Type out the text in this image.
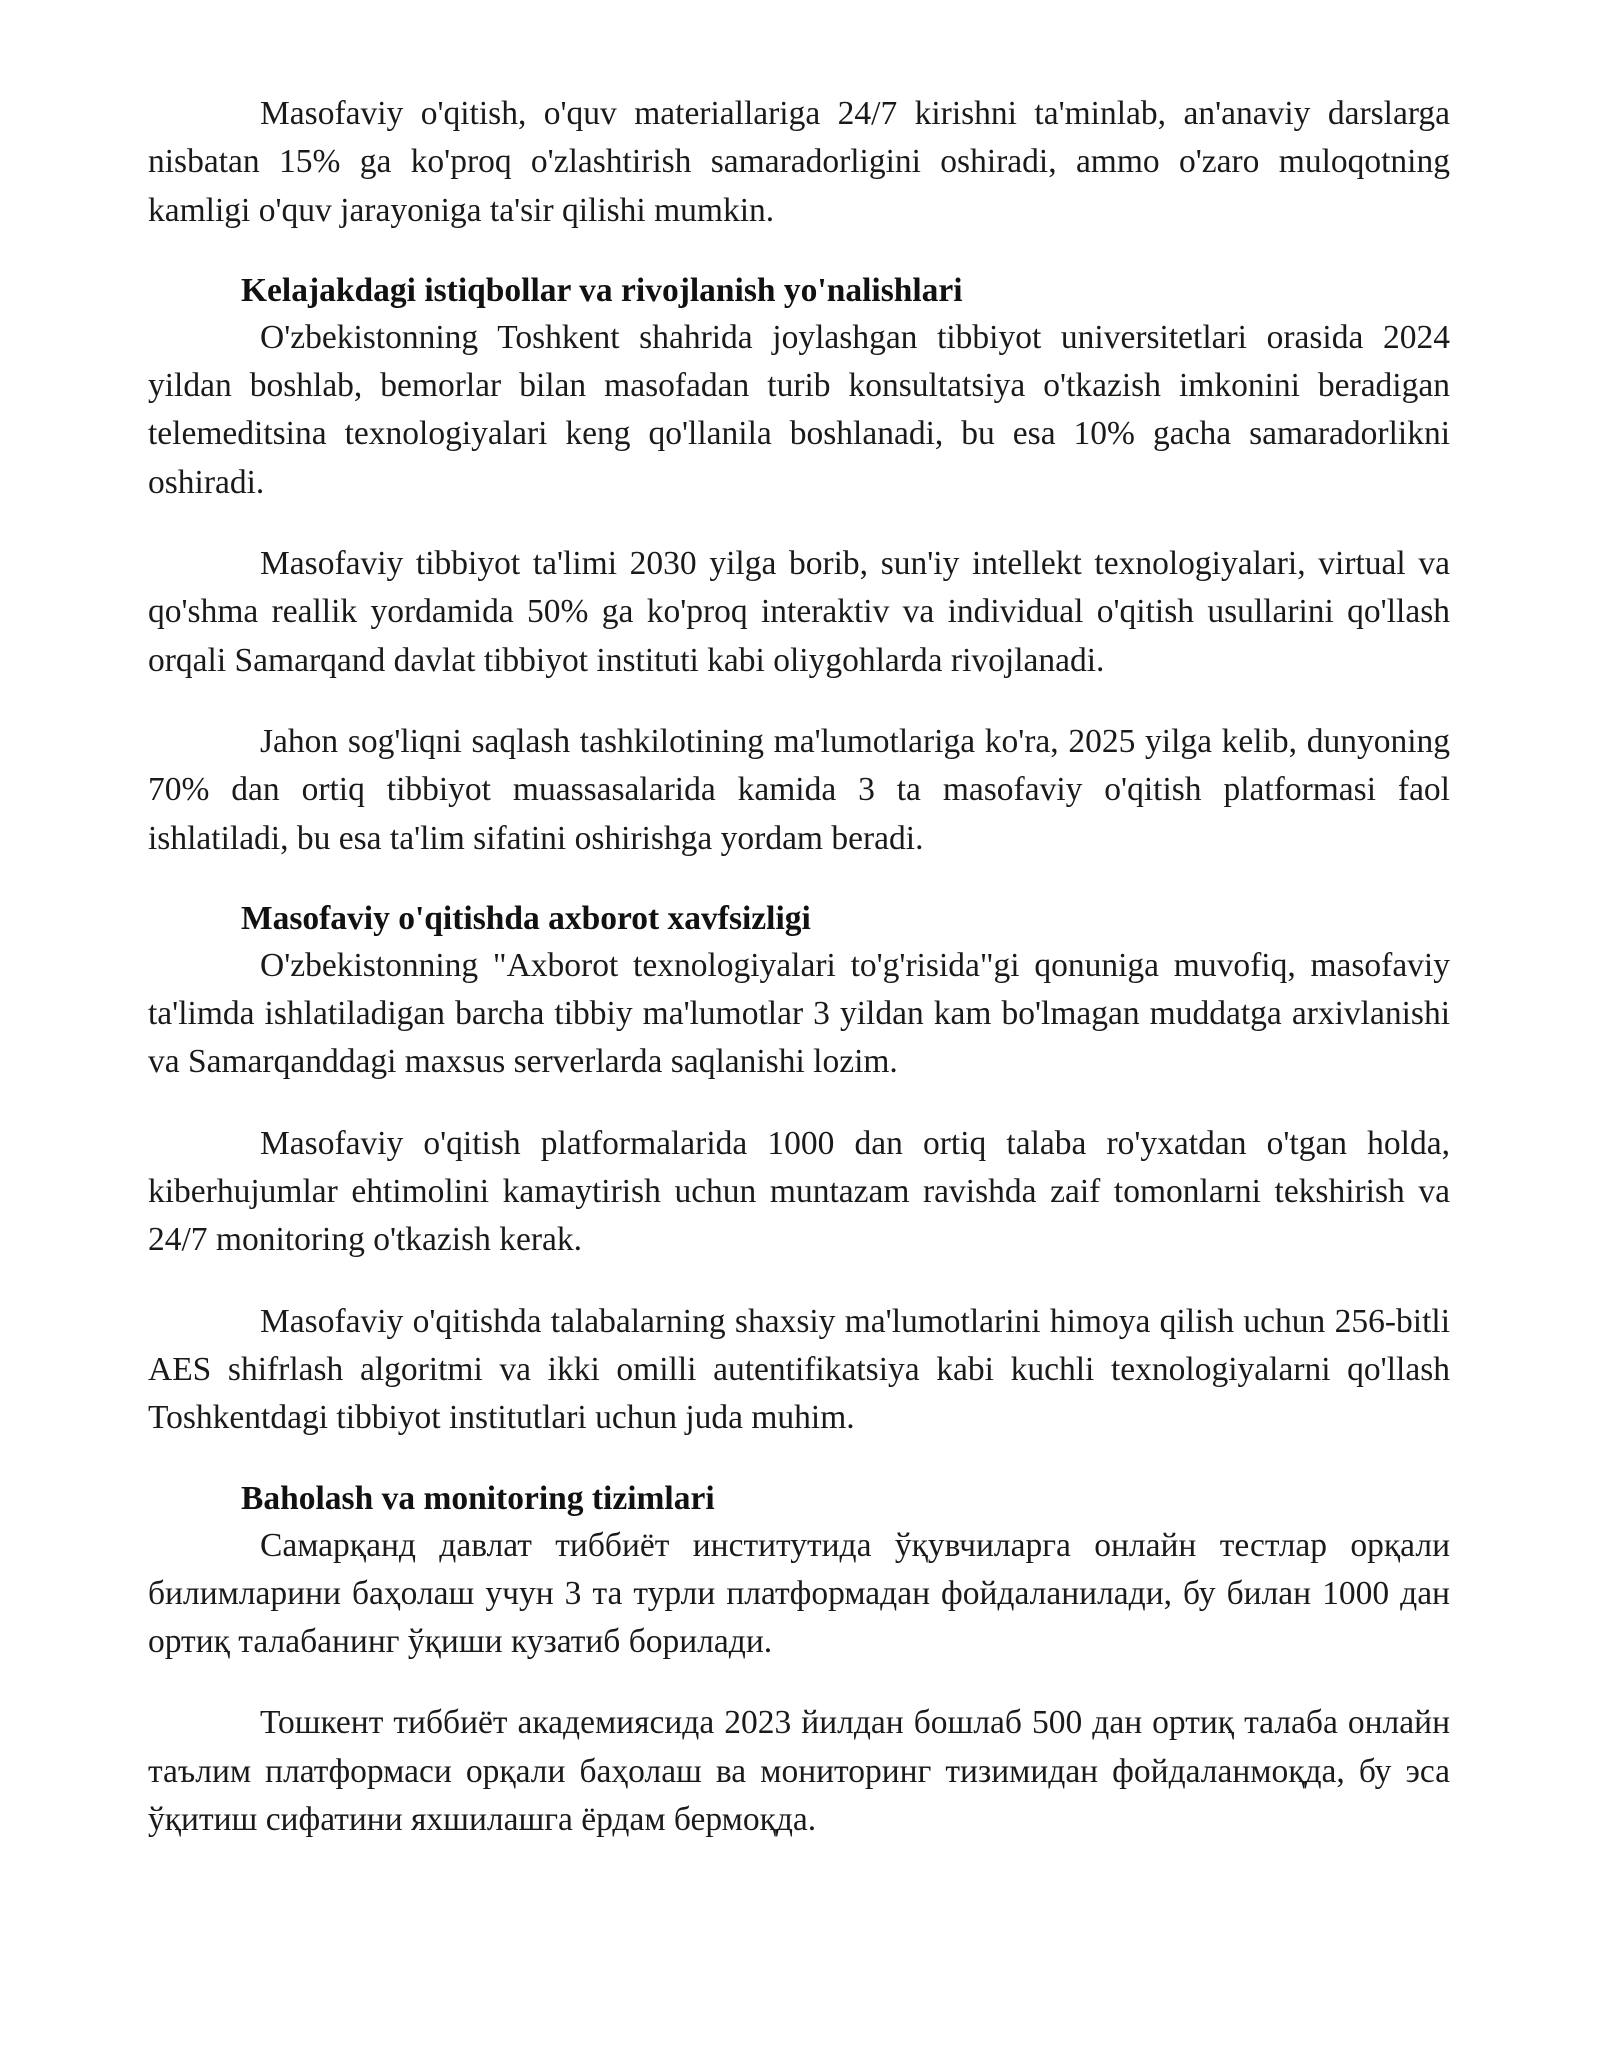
Masofaviy o'qitish, o'quv materiallariga 24/7 kirishni ta'minlab, an'anaviy darslarga nisbatan 15% ga ko'proq o'zlashtirish samaradorligini oshiradi, ammo o'zaro muloqotning kamligi o'quv jarayoniga ta'sir qilishi mumkin.

Kelajakdagi istiqbollar va rivojlanish yo'nalishlari

O'zbekistonning Toshkent shahrida joylashgan tibbiyot universitetlari orasida 2024 yildan boshlab, bemorlar bilan masofadan turib konsultatsiya o'tkazish imkonini beradigan telemeditsina texnologiyalari keng qo'llanila boshlanadi, bu esa 10% gacha samaradorlikni oshiradi.

Masofaviy tibbiyot ta'limi 2030 yilga borib, sun'iy intellekt texnologiyalari, virtual va qo'shma reallik yordamida 50% ga ko'proq interaktiv va individual o'qitish usullarini qo'llash orqali Samarqand davlat tibbiyot instituti kabi oliygohlarda rivojlanadi.

Jahon sog'liqni saqlash tashkilotining ma'lumotlariga ko'ra, 2025 yilga kelib, dunyoning 70% dan ortiq tibbiyot muassasalarida kamida 3 ta masofaviy o'qitish platformasi faol ishlatiladi, bu esa ta'lim sifatini oshirishga yordam beradi.

Masofaviy o'qitishda axborot xavfsizligi

O'zbekistonning "Axborot texnologiyalari to'g'risida"gi qonuniga muvofiq, masofaviy ta'limda ishlatiladigan barcha tibbiy ma'lumotlar 3 yildan kam bo'lmagan muddatga arxivlanishi va Samarqanddagi maxsus serverlarda saqlanishi lozim.

Masofaviy o'qitish platformalarida 1000 dan ortiq talaba ro'yxatdan o'tgan holda, kiberhujumlar ehtimolini kamaytirish uchun muntazam ravishda zaif tomonlarni tekshirish va 24/7 monitoring o'tkazish kerak.

Masofaviy o'qitishda talabalarning shaxsiy ma'lumotlarini himoya qilish uchun 256-bitli AES shifrlash algoritmi va ikki omilli autentifikatsiya kabi kuchli texnologiyalarni qo'llash Toshkentdagi tibbiyot institutlari uchun juda muhim.

Baholash va monitoring tizimlari

Самарқанд давлат тиббиёт институтида ўқувчиларга онлайн тестлар орқали билимларини баҳолаш учун 3 та турли платформадан фойдаланилади, бу билан 1000 дан ортиқ талабанинг ўқиши кузатиб борилади.

Тошкент тиббиёт академиясида 2023 йилдан бошлаб 500 дан ортиқ талаба онлайн таълим платформаси орқали баҳолаш ва мониторинг тизимидан фойдаланмоқда, бу эса ўқитиш сифатини яхшилашга ёрдам бермоқда.
